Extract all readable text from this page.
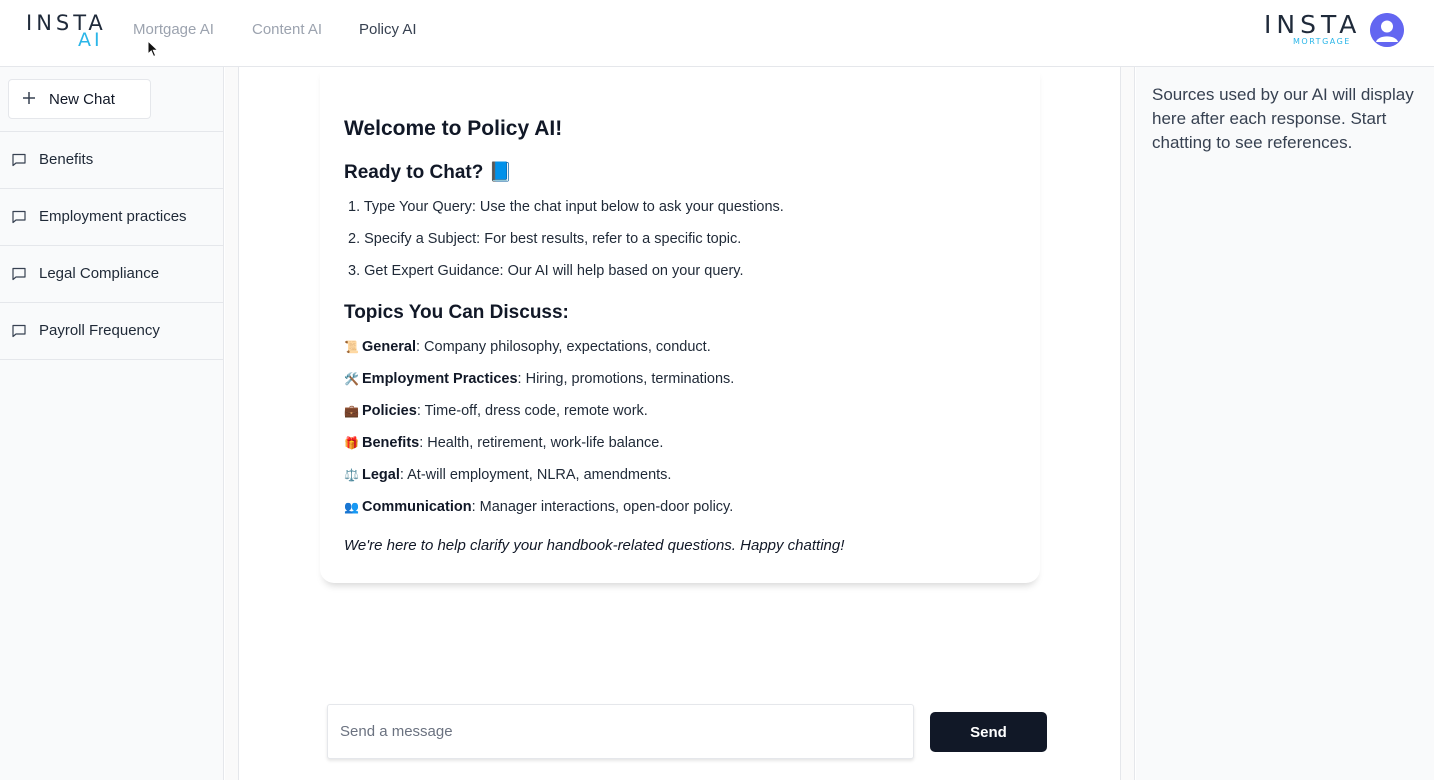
INSTA
AI Mortgage AI	Content AI Policy AI	INSTA
MORTGAGE
New Chat
Benefits
Employment practices
Legal Compliance
Payroll Frequency
Welcome to Policy AI!
Ready to Chat? 📘
1. Type Your Query: Use the chat input below to ask your questions.
2. Specify a Subject: For best results, refer to a specific topic.
3. Get Expert Guidance: Our AI will help based on your query.
Topics You Can Discuss:
📜 General: Company philosophy, expectations, conduct.
🛠️ Employment Practices: Hiring, promotions, terminations.
💼 Policies: Time-off, dress code, remote work.
🎁 Benefits: Health, retirement, work-life balance.
⚖️ Legal: At-will employment, NLRA, amendments.
👥 Communication: Manager interactions, open-door policy.
We're here to help clarify your handbook-related questions. Happy chatting!
Send a message
Send
Sources used by our AI will display here after each response. Start chatting to see references.
